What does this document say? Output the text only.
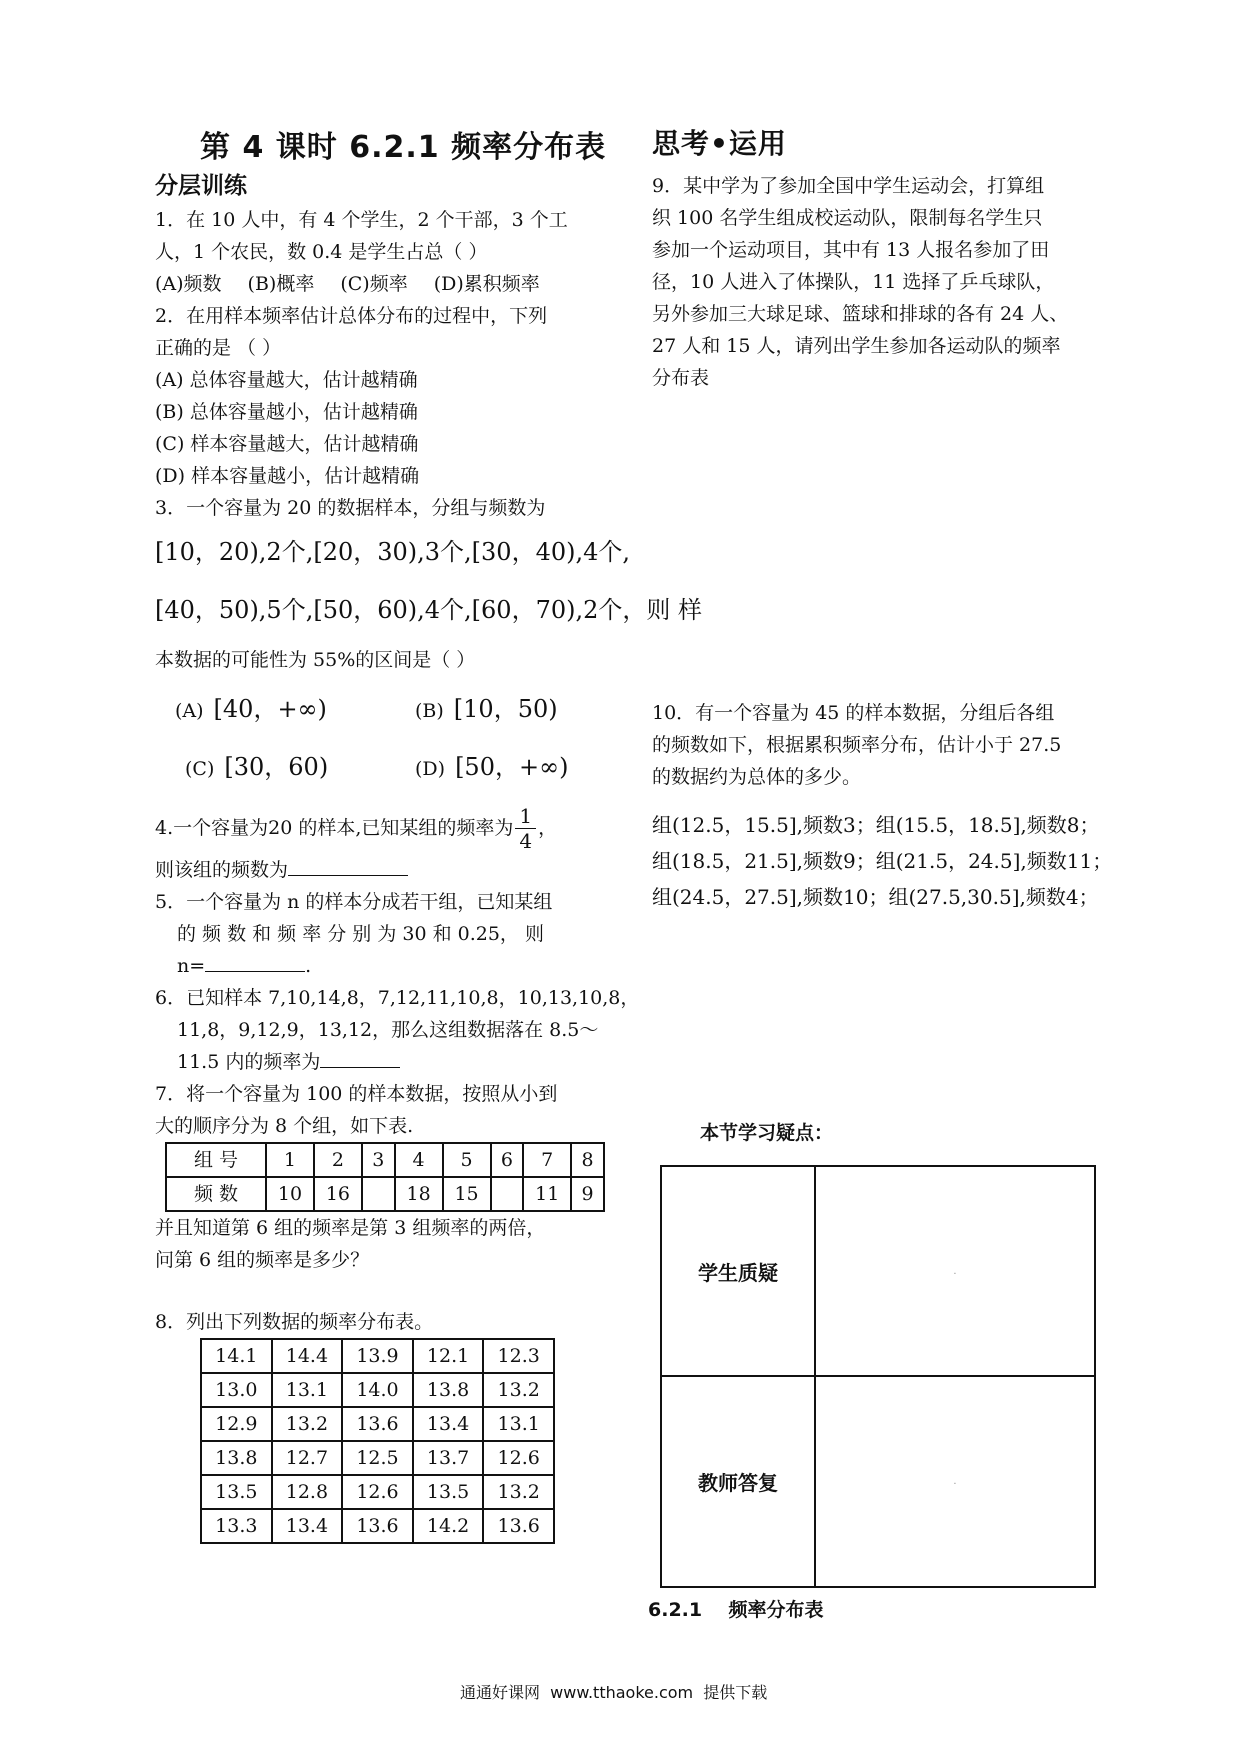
第 4 课时 6.2.1 频率分布表 思考•运用
分层训练
1．在 10 人中，有 4 个学生，2 个干部，3 个工
人，1 个农民，数 0.4 是学生占总（ ）
(A)频数 (B)概率 (C)频率 (D)累积频率
2．在用样本频率估计总体分布的过程中，下列
正确的是 （ ）
(A) 总体容量越大，估计越精确
(B) 总体容量越小，估计越精确
(C) 样本容量越大，估计越精确
(D) 样本容量越小，估计越精确
3．一个容量为 20 的数据样本，分组与频数为
[10，20),2个,[20，30),3个,[30，40),4个,
[40，50),5个,[50，60),4个,[60，70),2个，则 样
本数据的可能性为 55%的区间是（ ）
(A) [40，+∞)	(B) [10，50)
(C) [30，60)	(D) [50，+∞)
4.一个容量为20 的样本,已知某组的频率为 $\frac{1}{4}$ ，
则该组的频数为
5．一个容量为 n 的样本分成若干组，已知某组
的 频 数 和 频 率 分 别 为 30 和 0.25， 则
n=	.
6．已知样本 7,10,14,8，7,12,11,10,8，10,13,10,8，
11,8，9,12,9，13,12，那么这组数据落在 8.5～
11.5 内的频率为
7．将一个容量为 100 的样本数据，按照从小到
大的顺序分为 8 个组，如下表.
组 号	1	2	3	4	5	6	7	8
频 数	10	16		18	15		11	9
并且知道第 6 组的频率是第 3 组频率的两倍，
问第 6 组的频率是多少？
8．列出下列数据的频率分布表。
14.1	14.4	13.9	12.1	12.3
13.0	13.1	14.0	13.8	13.2
12.9	13.2	13.6	13.4	13.1
13.8	12.7	12.5	13.7	12.6
13.5	12.8	12.6	13.5	13.2
13.3	13.4	13.6	14.2	13.6
9．某中学为了参加全国中学生运动会，打算组
织 100 名学生组成校运动队，限制每名学生只
参加一个运动项目，其中有 13 人报名参加了田
径，10 人进入了体操队，11 选择了乒乓球队，
另外参加三大球足球、篮球和排球的各有 24 人、
27 人和 15 人，请列出学生参加各运动队的频率
分布表
10．有一个容量为 45 的样本数据，分组后各组
的频数如下，根据累积频率分布，估计小于 27.5
的数据约为总体的多少。
组(12.5，15.5],频数3；组(15.5，18.5],频数8；
组(18.5，21.5],频数9；组(21.5，24.5],频数11；
组(24.5，27.5],频数10；组(27.5,30.5],频数4；
本节学习疑点：
学生质疑	·
教师答复	·
6.2.1    频率分布表
通通好课网  www.tthaoke.com  提供下载
